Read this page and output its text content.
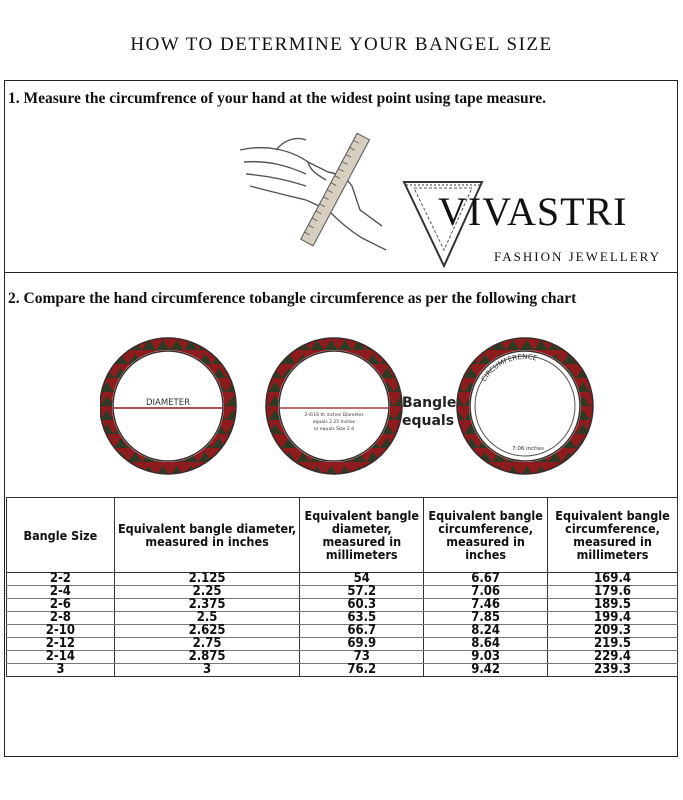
HOW TO DETERMINE YOUR BANGEL SIZE
1. Measure the circumfrence of your hand at the widest point using tape measure.
VIVASTRI
FASHION JEWELLERY
2. Compare the hand circumference tobangle circumference as per the following chart
DIAMETER
2-4/16 th inches Diameter
equals 2.25 Inches
or equals Size 2-4
CIRCUMFERENCE
7.06 inches
Bangle
equals
Bangle Size	Equivalent bangle diameter, measured in inches	Equivalent bangle diameter, measured in millimeters	Equivalent bangle circumference, measured in inches	Equivalent bangle circumference, measured in millimeters
2-2	2.125	54	6.67	169.4
2-4	2.25	57.2	7.06	179.6
2-6	2.375	60.3	7.46	189.5
2-8	2.5	63.5	7.85	199.4
2-10	2.625	66.7	8.24	209.3
2-12	2.75	69.9	8.64	219.5
2-14	2.875	73	9.03	229.4
3	3	76.2	9.42	239.3
